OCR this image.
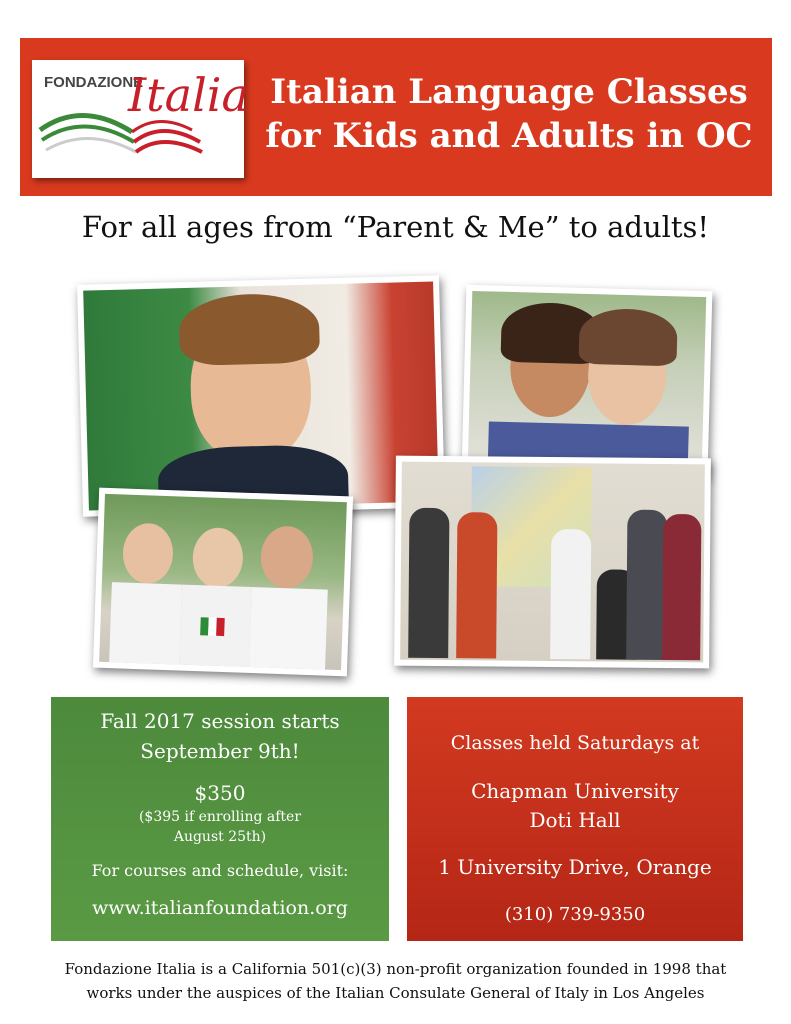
FONDAZIONE
Italia Italian Language Classes
for Kids and Adults in OC
For all ages from “Parent & Me” to adults!
Fall 2017 session starts
September 9th!
$350
($395 if enrolling after
August 25th)
For courses and schedule, visit:
www.italianfoundation.org
Classes held Saturdays at
Chapman University
Doti Hall
1 University Drive, Orange
(310) 739-9350
Fondazione Italia is a California 501(c)(3) non-profit organization founded in 1998 that
works under the auspices of the Italian Consulate General of Italy in Los Angeles
